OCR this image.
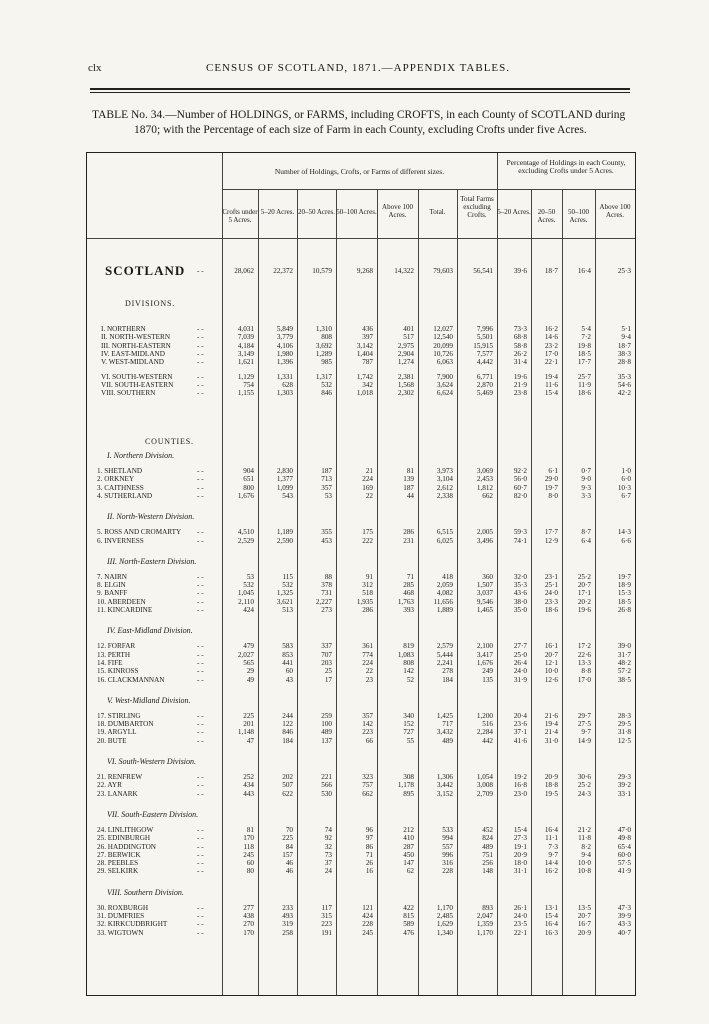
clx	CENSUS OF SCOTLAND, 1871.—APPENDIX TABLES.
TABLE No. 34.—Number of HOLDINGS, or FARMS, including CROFTS, in each County of SCOTLAND during
1870; with the Percentage of each size of Farm in each County, excluding Crofts under five Acres.
Number of Holdings, Crofts, or Farms of different sizes.
Percentage of Holdings in each County, excluding Crofts under 5 Acres.
Crofts under 5 Acres.
5–20 Acres. 20–50 Acres. 50–100 Acres.
Above 100 Acres.	Total.
Total Farms excluding Crofts.	5–20 Acres.	20–50 Acres.
50–100 Acres.
Above 100 Acres.
SCOTLAND - -	28,062	22,372	10,579	9,268	14,322	79,603	56,541	39·6 18·7	16·4	25·3
DIVISIONS.
I. NORTHERN	- -	4,031	5,849	1,310	436	401	12,027	7,996	73·3 16·2	5·4	5·1
II. NORTH-WESTERN	- -	7,039	3,779	808	397	517	12,540	5,501	68·8 14·6	7·2	9·4
III. NORTH-EASTERN	- -	4,184	4,106	3,692	3,142	2,975	20,099	15,915	58·8 23·2	19·8	18·7
IV. EAST-MIDLAND	- -	3,149	1,980	1,289	1,404	2,904	10,726	7,577	26·2 17·0	18·5	38·3
V. WEST-MIDLAND	- -	1,621	1,396	985	787	1,274	6,063	4,442	31·4 22·1	17·7	28·8
VI. SOUTH-WESTERN	- -	1,129	1,331	1,317	1,742	2,381	7,900	6,771	19·6 19·4	25·7	35·3
VII. SOUTH-EASTERN	- -	754	628	532	342	1,568	3,624	2,870	21·9	11·6	11·9	54·6
VIII. SOUTHERN	- -	1,155	1,303	846	1,018	2,302	6,624	5,469	23·8 15·4	18·6	42·2
COUNTIES.
I. Northern Division.
1. SHETLAND	- -	904	2,830	187	21	81	3,973	3,069	92·2	6·1	0·7	1·0
2. ORKNEY	- -	651	1,377	713	224	139	3,104	2,453	56·0 29·0	9·0	6·0
3. CAITHNESS	- -	800	1,099	357	169	187	2,612	1,812	60·7 19·7	9·3	10·3
4. SUTHERLAND	- -	1,676	543	53	22	44	2,338	662	82·0	8·0	3·3	6·7
II. North-Western Division.
5. ROSS AND CROMARTY - -	4,510	1,189	355	175	286	6,515	2,005	59·3 17·7	8·7	14·3
6. INVERNESS	- -	2,529	2,590	453	222	231	6,025	3,496	74·1 12·9	6·4	6·6
III. North-Eastern Division.
7. NAIRN	- -	53	115	88	91	71	418	360	32·0 23·1	25·2	19·7
8. ELGIN	- -	532	532	378	312	285	2,059	1,507	35·3 25·1	20·7	18·9
9. BANFF	- -	1,045	1,325	731	518	468	4,082	3,037	43·6 24·0	17·1	15·3
10. ABERDEEN	- -	2,110	3,621	2,227	1,935	1,763	11,656	9,546	38·0 23·3	20·2	18·5
11. KINCARDINE	- -	424	513	273	286	393	1,889	1,465	35·0 18·6	19·6	26·8
IV. East-Midland Division.
12. FORFAR	- -	479	583	337	361	819	2,579	2,100	27·7 16·1	17·2	39·0
13. PERTH	- -	2,027	853	707	774	1,083	5,444	3,417	25·0 20·7	22·6	31·7
14. FIFE	- -	565	441	203	224	808	2,241	1,676	26·4 12·1	13·3	48·2
15. KINROSS	- -	29	60	25	22	142	278	249	24·0 10·0	8·8	57·2
16. CLACKMANNAN	- -	49	43	17	23	52	184	135	31·9 12·6	17·0	38·5
V. West-Midland Division.
17. STIRLING	- -	225	244	259	357	340	1,425	1,200	20·4 21·6	29·7	28·3
18. DUMBARTON	- -	201	122	100	142	152	717	516	23·6 19·4	27·5	29·5
19. ARGYLL	- -	1,148	846	489	223	727	3,432	2,284	37·1 21·4	9·7	31·8
20. BUTE	- -	47	184	137	66	55	489	442	41·6 31·0	14·9	12·5
VI. South-Western Division.
21. RENFREW	- -	252	202	221	323	308	1,306	1,054	19·2 20·9	30·6	29·3
22. AYR	- -	434	507	566	757	1,178	3,442	3,008	16·8 18·8	25·2	39·2
23. LANARK	- -	443	622	530	662	895	3,152	2,709	23·0 19·5	24·3	33·1
VII. South-Eastern Division.
24. LINLITHGOW	- -	81	70	74	96	212	533	452	15·4 16·4	21·2	47·0
25. EDINBURGH	- -	170	225	92	97	410	994	824	27·3	11·1	11·8	49·8
26. HADDINGTON	- -	118	84	32	86	287	557	489	19·1	7·3	8·2	65·4
27. BERWICK	- -	245	157	73	71	450	996	751	20·9	9·7	9·4	60·0
28. PEEBLES	- -	60	46	37	26	147	316	256	18·0 14·4	10·0	57·5
29. SELKIRK	- -	80	46	24	16	62	228	148	31·1 16·2	10·8	41·9
VIII. Southern Division.
30. ROXBURGH	- -	277	233	117	121	422	1,170	893	26·1 13·1	13·5	47·3
31. DUMFRIES	- -	438	493	315	424	815	2,485	2,047	24·0 15·4	20·7	39·9
32. KIRKCUDBRIGHT	- -	270	319	223	228	589	1,629	1,359	23·5 16·4	16·7	43·3
33. WIGTOWN	- -	170	258	191	245	476	1,340	1,170	22·1 16·3	20·9	40·7
